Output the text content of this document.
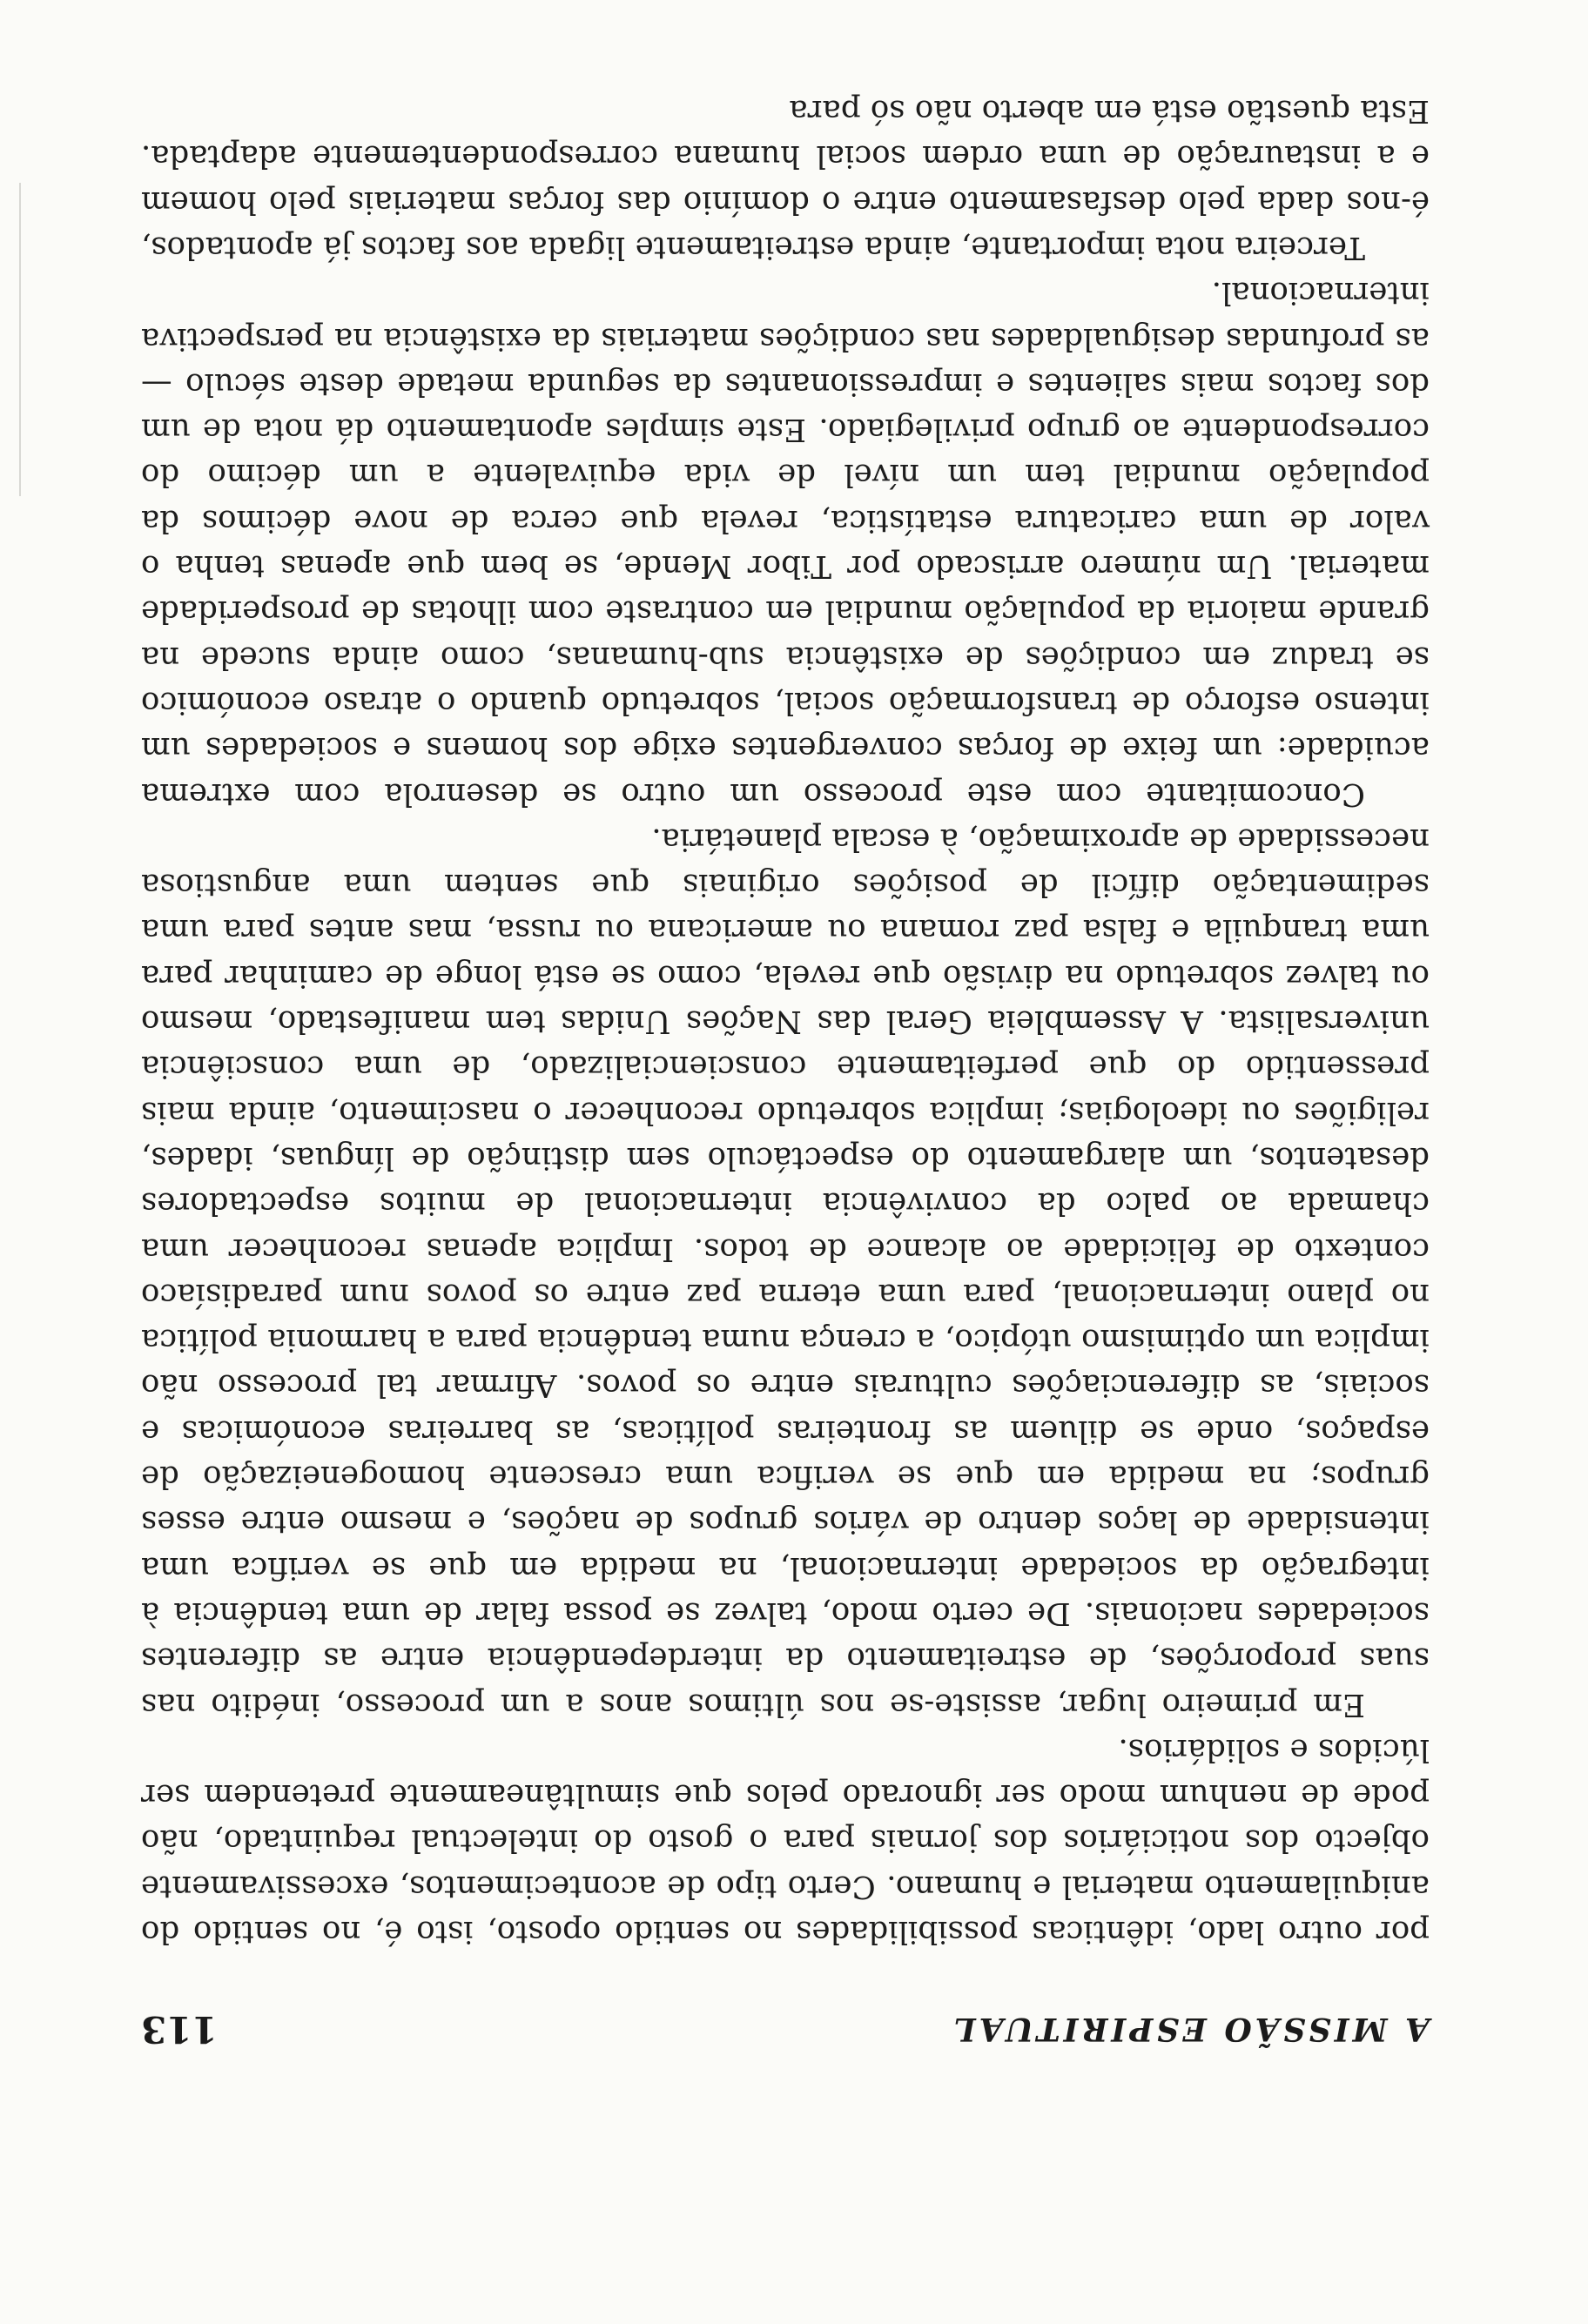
A MISSÃO ESPIRITUAL
113

por outro lado, idênticas possibilidades no sentido oposto, isto é, no sentido do aniquilamento material e humano. Certo tipo de acontecimentos, excessivamente objecto dos noticiários dos jornais para o gosto do intelectual requintado, não pode de nenhum modo ser ignorado pelos que simultâneamente pretendem ser lúcidos e solidários.

Em primeiro lugar, assiste-se nos últimos anos a um processo, inédito nas suas proporções, de estreitamento da interdependência entre as diferentes sociedades nacionais. De certo modo, talvez se possa falar de uma tendência à integração da sociedade internacional, na medida em que se verifica uma intensidade de laços dentro de vários grupos de nações, e mesmo entre esses grupos; na medida em que se verifica uma crescente homogeneização de espaços, onde se diluem as fronteiras políticas, as barreiras económicas e sociais, as diferenciações culturais entre os povos. Afirmar tal processo não implica um optimismo utópico, a crença numa tendência para a harmonia política no plano internacional, para uma eterna paz entre os povos num paradisíaco contexto de felicidade ao alcance de todos. Implica apenas reconhecer uma chamada ao palco da convivência internacional de muitos espectadores desatentos, um alargamento do espectáculo sem distinção de línguas, idades, religiões ou ideologias; implica sobretudo reconhecer o nascimento, ainda mais pressentido do que perfeitamente consciencializado, de uma consciência universalista. A Assembleia Geral das Nações Unidas tem manifestado, mesmo ou talvez sobretudo na divisão que revela, como se está longe de caminhar para uma tranquila e falsa paz romana ou americana ou russa, mas antes para uma sedimentação difícil de posições originais que sentem uma angustiosa necessidade de aproximação, à escala planetária.

Concomitante com este processo um outro se desenrola com extrema acuidade: um feixe de forças convergentes exige dos homens e sociedades um intenso esforço de transformação social, sobretudo quando o atraso económico se traduz em condições de existência sub-humanas, como ainda sucede na grande maioria da população mundial em contraste com ilhotas de prosperidade material. Um número arriscado por Tibor Mende, se bem que apenas tenha o valor de uma caricatura estatística, revela que cerca de nove décimos da população mundial tem um nível de vida equivalente a um décimo do correspondente ao grupo privilegiado. Este simples apontamento dá nota de um dos factos mais salientes e impressionantes da segunda metade deste século — as profundas desigualdades nas condições materiais da existência na perspectiva internacional.

Terceira nota importante, ainda estreitamente ligada aos factos já apontados, é-nos dada pelo desfasamento entre o domínio das forças materiais pelo homem e a instauração de uma ordem social humana correspondentemente adaptada. Esta questão está em aberto não só para
